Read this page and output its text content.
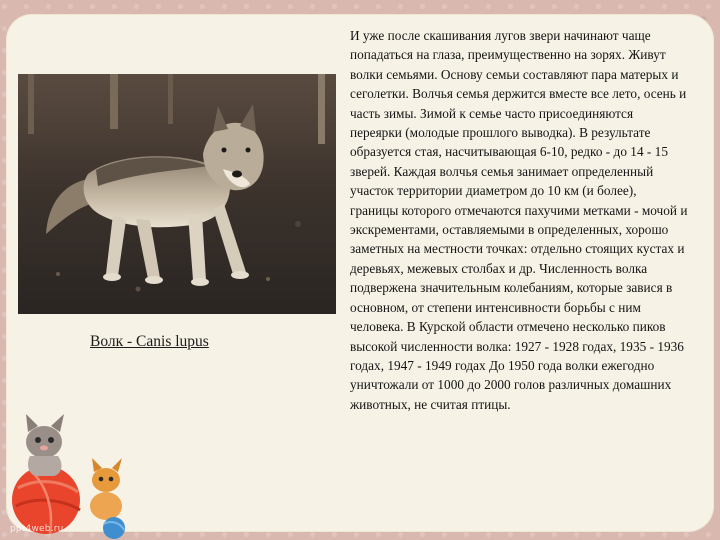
Волк - Canis lupus

И уже после скашивания лугов звери начинают чаще попадаться на глаза, преимущественно на зорях. Живут волки семьями. Основу семьи составляют пара матерых и сеголетки. Волчья семья держится вместе все лето, осень и часть зимы. Зимой к семье часто присоединяются переярки (молодые прошлого выводка). В результате образуется стая, насчитывающая 6-10, редко - до 14 - 15 зверей. Каждая волчья семья занимает определенный участок территории диаметром до 10 км (и более), границы которого отмечаются пахучими метками - мочой и экскрементами, оставляемыми в определенных, хорошо заметных на местности точках: отдельно стоящих кустах и деревьях, межевых столбах и др. Численность волка подвержена значительным колебаниям, которые завися в основном, от степени интенсивности борьбы с ним человека. В Курской области отмечено несколько пиков высокой численности волка: 1927 - 1928 годах, 1935 - 1936 годах, 1947 - 1949 годах До 1950 года волки ежегодно уничтожали от 1000 до 2000 голов различных домашних животных, не считая птицы.

ppt4web.ru
